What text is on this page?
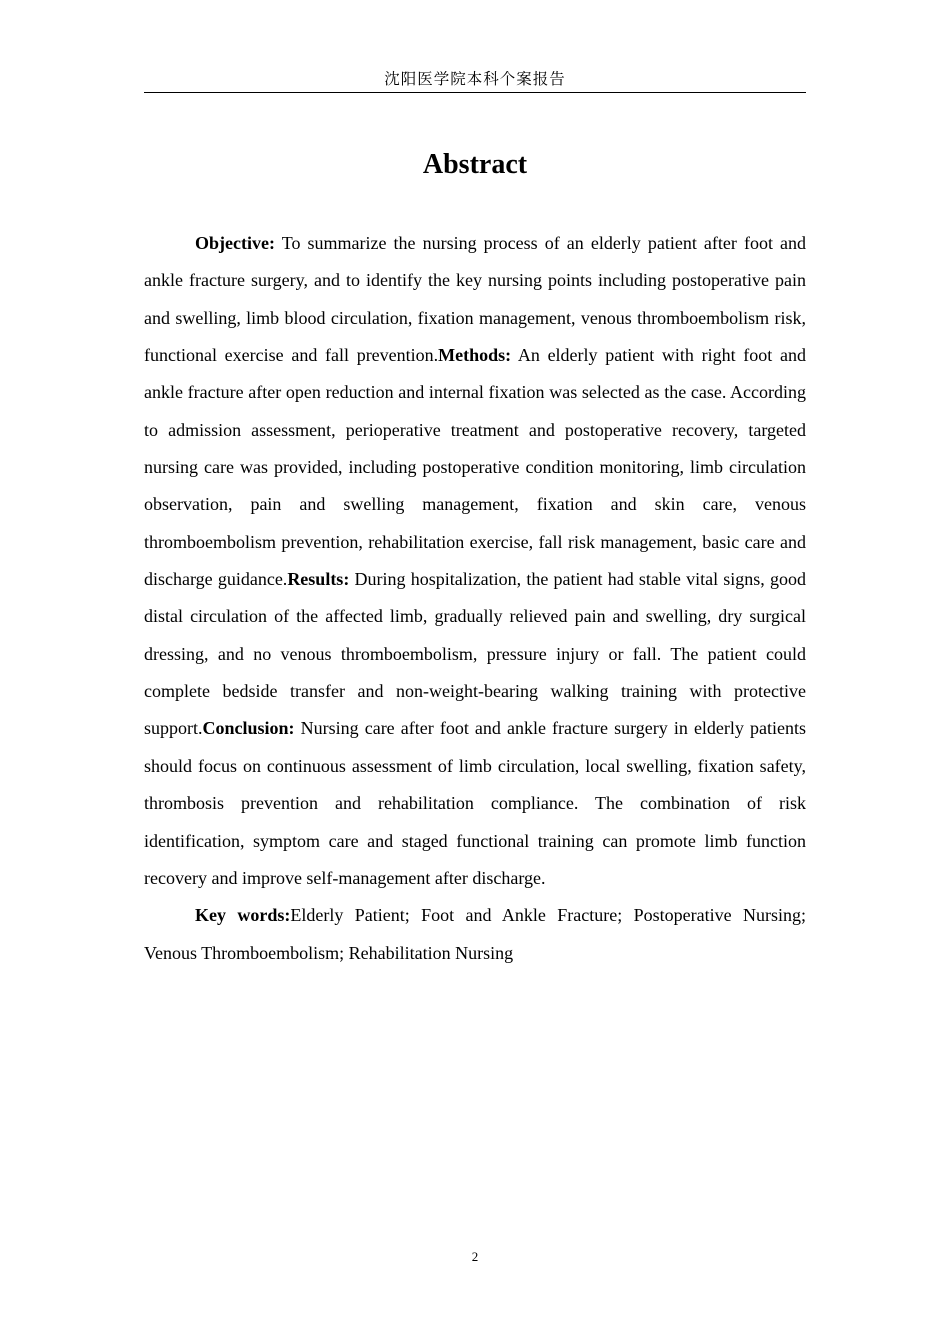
沈阳医学院本科个案报告
Abstract

Objective: To summarize the nursing process of an elderly patient after foot and ankle fracture surgery, and to identify the key nursing points including postoperative pain and swelling, limb blood circulation, fixation management, venous thromboembolism risk, functional exercise and fall prevention.Methods: An elderly patient with right foot and ankle fracture after open reduction and internal fixation was selected as the case. According to admission assessment, perioperative treatment and postoperative recovery, targeted nursing care was provided, including postoperative condition monitoring, limb circulation observation, pain and swelling management, fixation and skin care, venous thromboembolism prevention, rehabilitation exercise, fall risk management, basic care and discharge guidance.Results: During hospitalization, the patient had stable vital signs, good distal circulation of the affected limb, gradually relieved pain and swelling, dry surgical dressing, and no venous thromboembolism, pressure injury or fall. The patient could complete bedside transfer and non-weight-bearing walking training with protective support.Conclusion: Nursing care after foot and ankle fracture surgery in elderly patients should focus on continuous assessment of limb circulation, local swelling, fixation safety, thrombosis prevention and rehabilitation compliance. The combination of risk identification, symptom care and staged functional training can promote limb function recovery and improve self-management after discharge.

Key words:Elderly Patient; Foot and Ankle Fracture; Postoperative Nursing; Venous Thromboembolism; Rehabilitation Nursing

2
